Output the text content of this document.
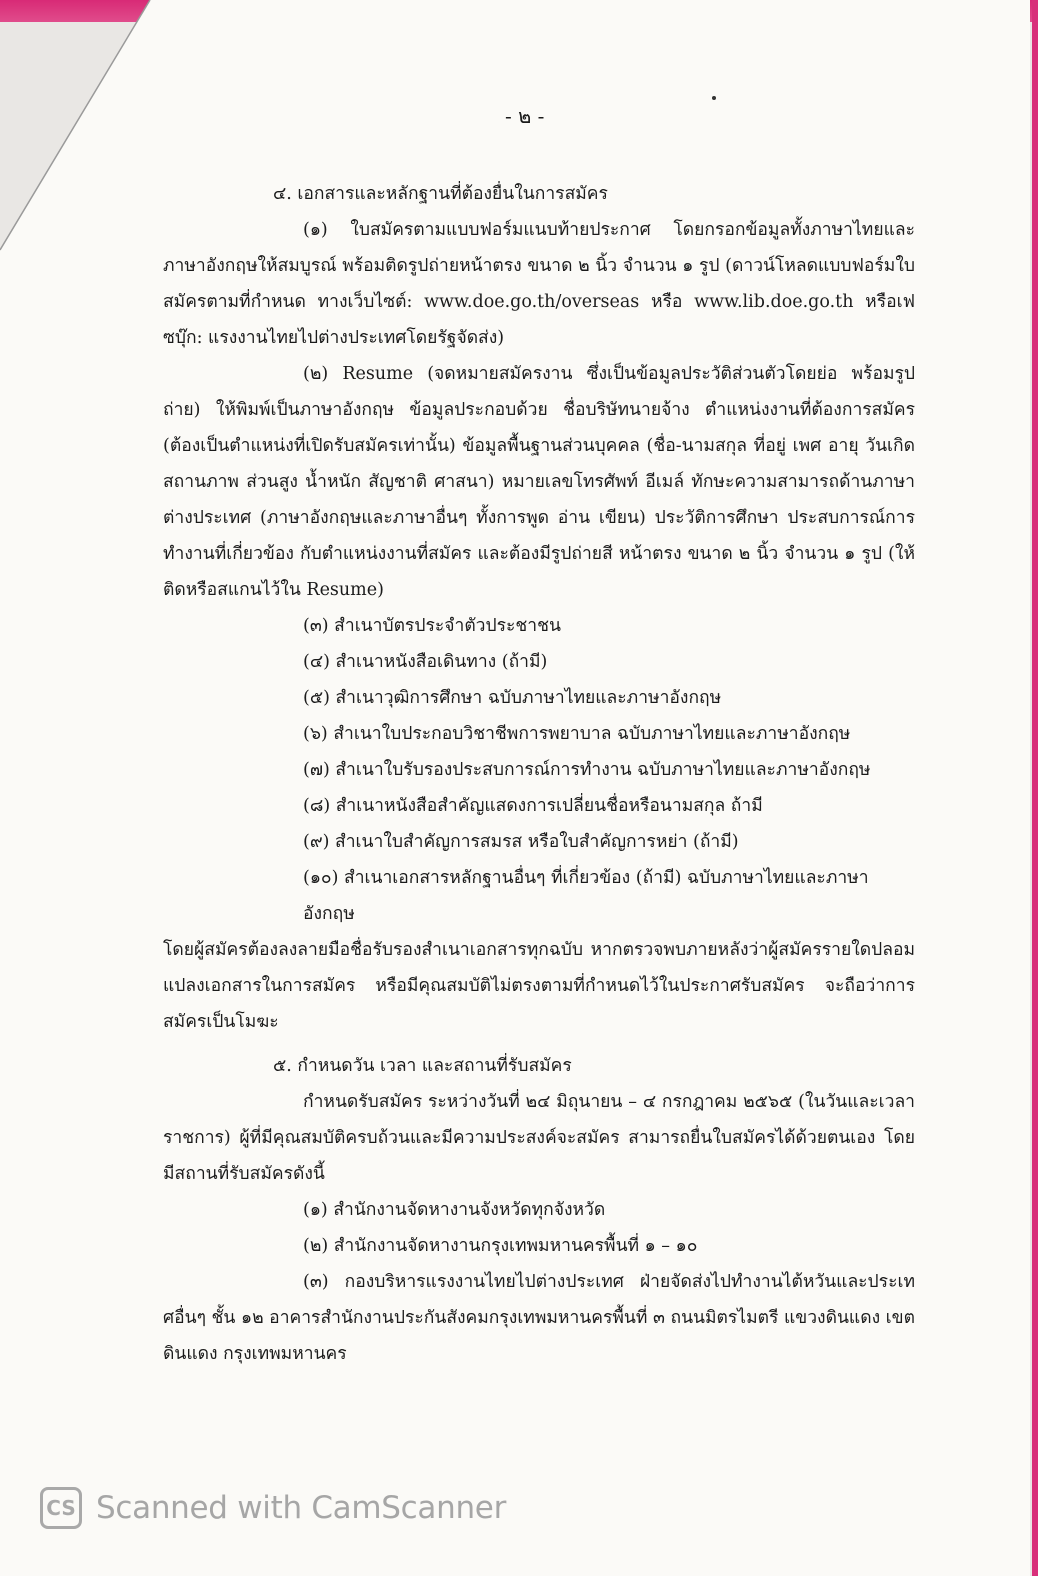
- ๒ -

๔. เอกสารและหลักฐานที่ต้องยื่นในการสมัคร

(๑) ใบสมัครตามแบบฟอร์มแนบท้ายประกาศ โดยกรอกข้อมูลทั้งภาษาไทยและภาษาอังกฤษให้สมบูรณ์ พร้อมติดรูปถ่ายหน้าตรง ขนาด ๒ นิ้ว จำนวน ๑ รูป (ดาวน์โหลดแบบฟอร์มใบสมัครตามที่กำหนด ทางเว็บไซต์: www.doe.go.th/overseas หรือ www.lib.doe.go.th หรือเฟซบุ๊ก: แรงงานไทยไปต่างประเทศโดยรัฐจัดส่ง)

(๒) Resume (จดหมายสมัครงาน ซึ่งเป็นข้อมูลประวัติส่วนตัวโดยย่อ พร้อมรูปถ่าย) ให้พิมพ์เป็นภาษาอังกฤษ ข้อมูลประกอบด้วย ชื่อบริษัทนายจ้าง ตำแหน่งงานที่ต้องการสมัคร (ต้องเป็นตำแหน่งที่เปิดรับสมัครเท่านั้น) ข้อมูลพื้นฐานส่วนบุคคล (ชื่อ-นามสกุล ที่อยู่ เพศ อายุ วันเกิด สถานภาพ ส่วนสูง น้ำหนัก สัญชาติ ศาสนา) หมายเลขโทรศัพท์ อีเมล์ ทักษะความสามารถด้านภาษาต่างประเทศ (ภาษาอังกฤษและภาษาอื่นๆ ทั้งการพูด อ่าน เขียน) ประวัติการศึกษา ประสบการณ์การทำงานที่เกี่ยวข้อง กับตำแหน่งงานที่สมัคร และต้องมีรูปถ่ายสี หน้าตรง ขนาด ๒ นิ้ว จำนวน ๑ รูป (ให้ติดหรือสแกนไว้ใน Resume)

(๓) สำเนาบัตรประจำตัวประชาชน

(๔) สำเนาหนังสือเดินทาง (ถ้ามี)

(๕) สำเนาวุฒิการศึกษา ฉบับภาษาไทยและภาษาอังกฤษ

(๖) สำเนาใบประกอบวิชาชีพการพยาบาล ฉบับภาษาไทยและภาษาอังกฤษ

(๗) สำเนาใบรับรองประสบการณ์การทำงาน ฉบับภาษาไทยและภาษาอังกฤษ

(๘) สำเนาหนังสือสำคัญแสดงการเปลี่ยนชื่อหรือนามสกุล ถ้ามี

(๙) สำเนาใบสำคัญการสมรส หรือใบสำคัญการหย่า (ถ้ามี)

(๑๐) สำเนาเอกสารหลักฐานอื่นๆ ที่เกี่ยวข้อง (ถ้ามี) ฉบับภาษาไทยและภาษาอังกฤษ

โดยผู้สมัครต้องลงลายมือชื่อรับรองสำเนาเอกสารทุกฉบับ หากตรวจพบภายหลังว่าผู้สมัครรายใดปลอมแปลงเอกสารในการสมัคร หรือมีคุณสมบัติไม่ตรงตามที่กำหนดไว้ในประกาศรับสมัคร จะถือว่าการสมัครเป็นโมฆะ

๕. กำหนดวัน เวลา และสถานที่รับสมัคร

กำหนดรับสมัคร ระหว่างวันที่ ๒๔ มิถุนายน – ๔ กรกฎาคม ๒๕๖๕ (ในวันและเวลาราชการ) ผู้ที่มีคุณสมบัติครบถ้วนและมีความประสงค์จะสมัคร สามารถยื่นใบสมัครได้ด้วยตนเอง โดยมีสถานที่รับสมัครดังนี้

(๑) สำนักงานจัดหางานจังหวัดทุกจังหวัด

(๒) สำนักงานจัดหางานกรุงเทพมหานครพื้นที่ ๑ – ๑๐

(๓) กองบริหารแรงงานไทยไปต่างประเทศ ฝ่ายจัดส่งไปทำงานไต้หวันและประเทศอื่นๆ ชั้น ๑๒ อาคารสำนักงานประกันสังคมกรุงเทพมหานครพื้นที่ ๓ ถนนมิตรไมตรี แขวงดินแดง เขตดินแดง กรุงเทพมหานคร

CS Scanned with CamScanner
